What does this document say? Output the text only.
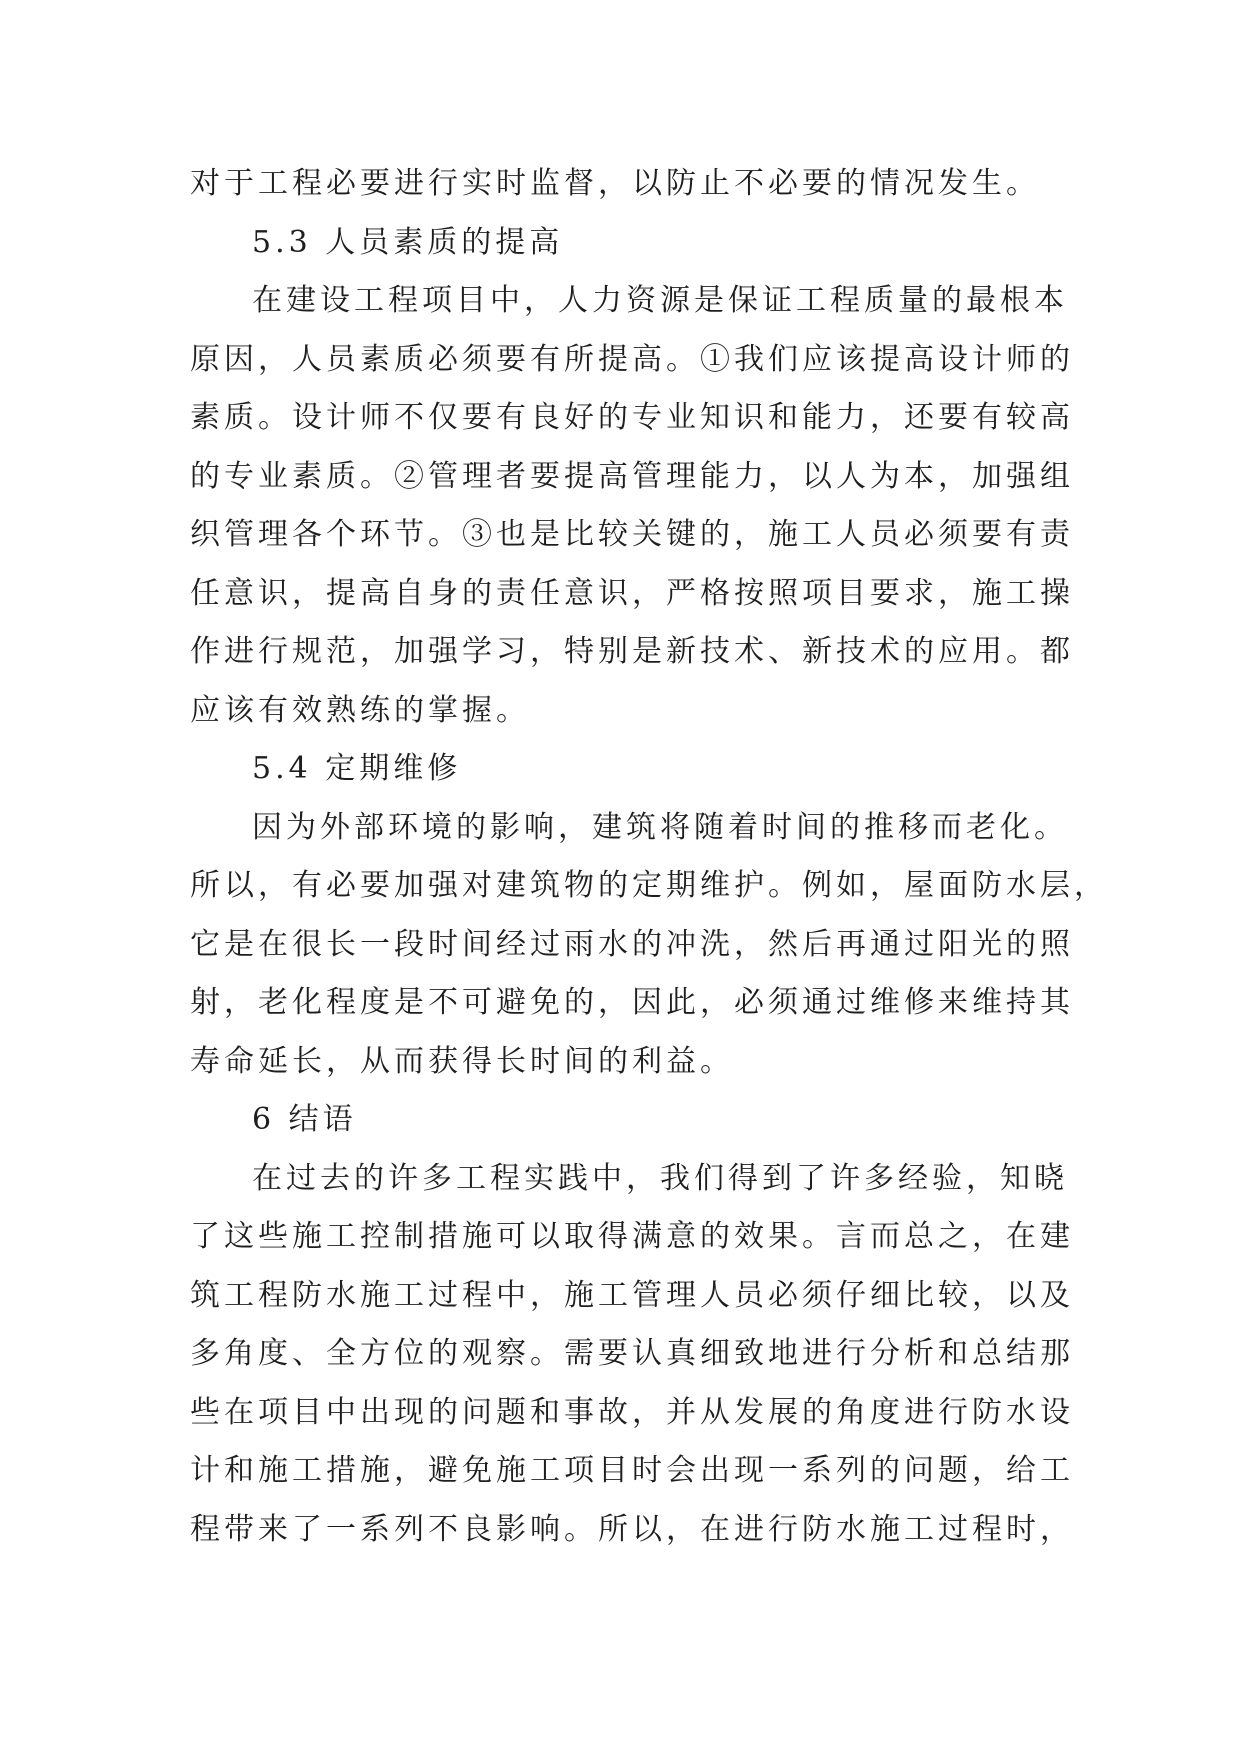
对于工程必要进行实时监督，以防止不必要的情况发生。
5.3 人员素质的提高
在建设工程项目中，人力资源是保证工程质量的最根本
原因，人员素质必须要有所提高。①我们应该提高设计师的
素质。设计师不仅要有良好的专业知识和能力，还要有较高
的专业素质。②管理者要提高管理能力，以人为本，加强组
织管理各个环节。③也是比较关键的，施工人员必须要有责
任意识，提高自身的责任意识，严格按照项目要求，施工操
作进行规范，加强学习，特别是新技术、新技术的应用。都
应该有效熟练的掌握。
5.4 定期维修
因为外部环境的影响，建筑将随着时间的推移而老化。
所以，有必要加强对建筑物的定期维护。例如，屋面防水层，
它是在很长一段时间经过雨水的冲洗，然后再通过阳光的照
射，老化程度是不可避免的，因此，必须通过维修来维持其
寿命延长，从而获得长时间的利益。
6 结语
在过去的许多工程实践中，我们得到了许多经验，知晓
了这些施工控制措施可以取得满意的效果。言而总之，在建
筑工程防水施工过程中，施工管理人员必须仔细比较，以及
多角度、全方位的观察。需要认真细致地进行分析和总结那
些在项目中出现的问题和事故，并从发展的角度进行防水设
计和施工措施，避免施工项目时会出现一系列的问题，给工
程带来了一系列不良影响。所以，在进行防水施工过程时，
